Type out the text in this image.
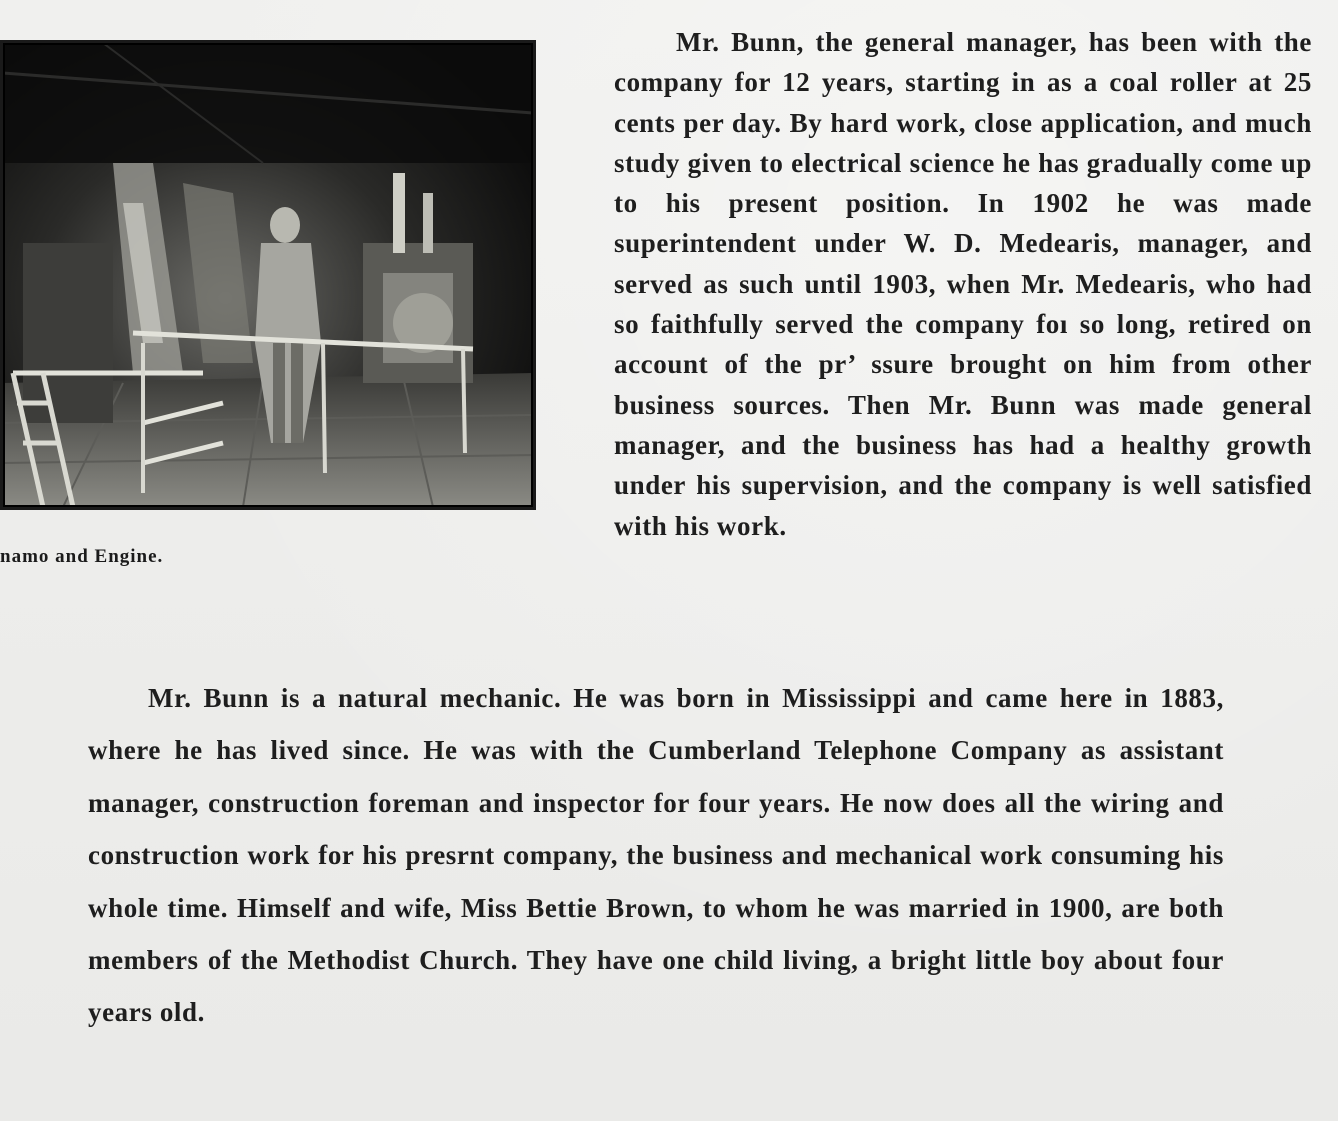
namo and Engine.

Mr. Bunn, the general manager, has been with the company for 12 years, starting in as a coal roller at 25 cents per day. By hard work, close application, and much study given to electrical science he has gradually come up to his present position. In 1902 he was made superintendent under W. D. Medearis, manager, and served as such until 1903, when Mr. Medearis, who had so faithfully served the company foı so long, retired on account of the pr’ ssure brought on him from other business sources. Then Mr. Bunn was made general manager, and the business has had a healthy growth under his supervision, and the company is well satisfied with his work.

Mr. Bunn is a natural mechanic. He was born in Mississippi and came here in 1883, where he has lived since. He was with the Cumberland Telephone Company as assistant manager, construction foreman and inspector for four years. He now does all the wiring and construction work for his presrnt company, the business and mechanical work consuming his whole time. Himself and wife, Miss Bettie Brown, to whom he was married in 1900, are both members of the Methodist Church. They have one child living, a bright little boy about four years old.
